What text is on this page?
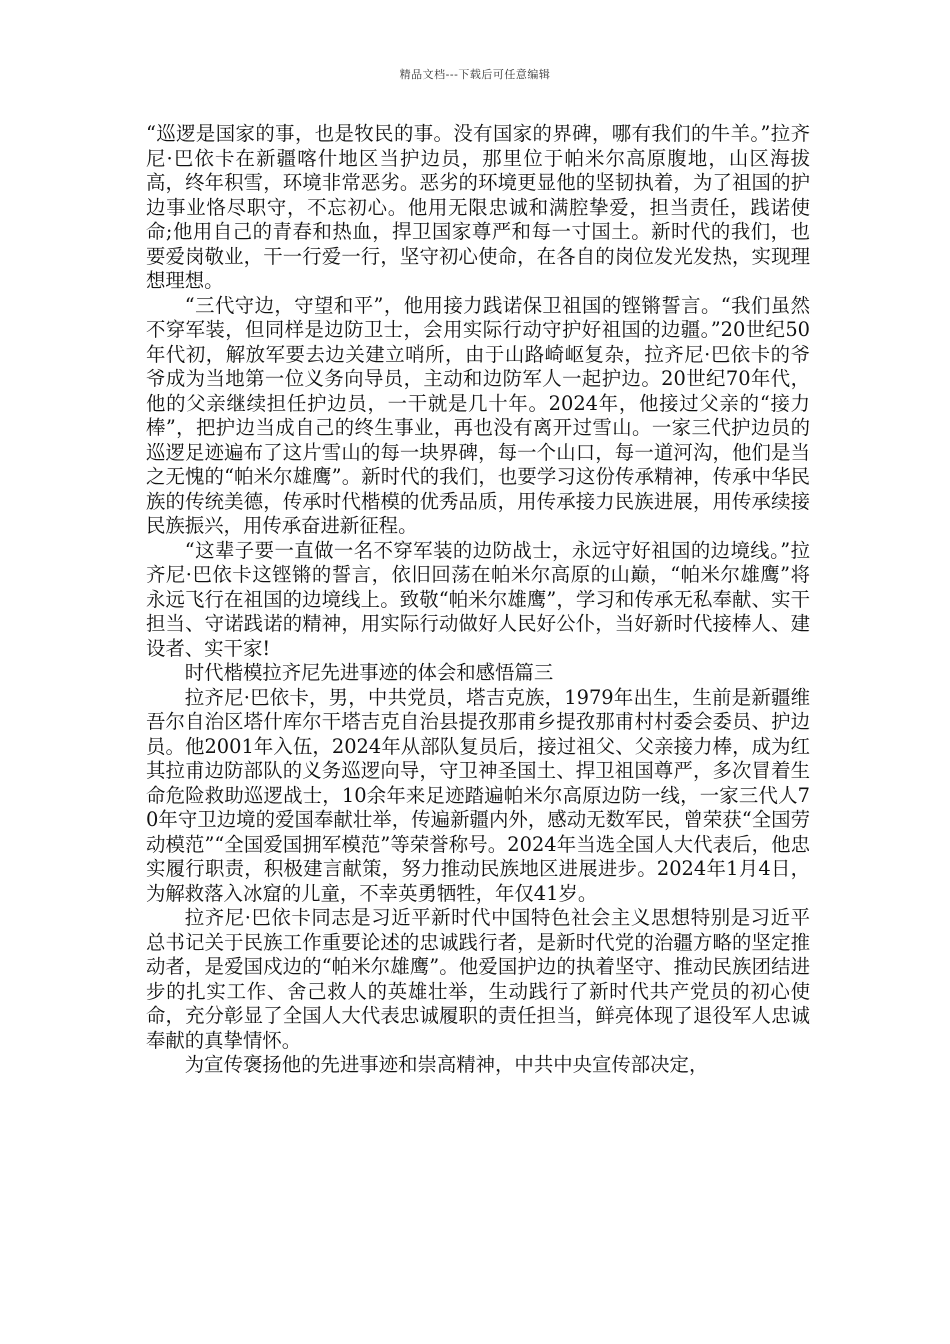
精品文档---下载后可任意编辑

“巡逻是国家的事，也是牧民的事。没有国家的界碑，哪有我们的牛羊。”拉齐尼·巴依卡在新疆喀什地区当护边员，那里位于帕米尔高原腹地，山区海拔高，终年积雪，环境非常恶劣。恶劣的环境更显他的坚韧执着，为了祖国的护边事业恪尽职守，不忘初心。他用无限忠诚和满腔挚爱，担当责任，践诺使命;他用自己的青春和热血，捍卫国家尊严和每一寸国土。新时代的我们，也要爱岗敬业，干一行爱一行，坚守初心使命，在各自的岗位发光发热，实现理想理想。

“三代守边，守望和平”，他用接力践诺保卫祖国的铿锵誓言。“我们虽然不穿军装，但同样是边防卫士，会用实际行动守护好祖国的边疆。”20世纪50年代初，解放军要去边关建立哨所，由于山路崎岖复杂，拉齐尼·巴依卡的爷爷成为当地第一位义务向导员，主动和边防军人一起护边。20世纪70年代，他的父亲继续担任护边员，一干就是几十年。2024年，他接过父亲的“接力棒”，把护边当成自己的终生事业，再也没有离开过雪山。一家三代护边员的巡逻足迹遍布了这片雪山的每一块界碑，每一个山口，每一道河沟，他们是当之无愧的“帕米尔雄鹰”。新时代的我们，也要学习这份传承精神，传承中华民族的传统美德，传承时代楷模的优秀品质，用传承接力民族进展，用传承续接民族振兴，用传承奋进新征程。

“这辈子要一直做一名不穿军装的边防战士，永远守好祖国的边境线。”拉齐尼·巴依卡这铿锵的誓言，依旧回荡在帕米尔高原的山巅，“帕米尔雄鹰”将永远飞行在祖国的边境线上。致敬“帕米尔雄鹰”，学习和传承无私奉献、实干担当、守诺践诺的精神，用实际行动做好人民好公仆，当好新时代接棒人、建设者、实干家!

时代楷模拉齐尼先进事迹的体会和感悟篇三

拉齐尼·巴依卡，男，中共党员，塔吉克族，1979年出生，生前是新疆维吾尔自治区塔什库尔干塔吉克自治县提孜那甫乡提孜那甫村村委会委员、护边员。他2001年入伍，2024年从部队复员后，接过祖父、父亲接力棒，成为红其拉甫边防部队的义务巡逻向导，守卫神圣国土、捍卫祖国尊严，多次冒着生命危险救助巡逻战士，10余年来足迹踏遍帕米尔高原边防一线，一家三代人70年守卫边境的爱国奉献壮举，传遍新疆内外，感动无数军民，曾荣获“全国劳动模范”“全国爱国拥军模范”等荣誉称号。2024年当选全国人大代表后，他忠实履行职责，积极建言献策，努力推动民族地区进展进步。2024年1月4日，为解救落入冰窟的儿童，不幸英勇牺牲，年仅41岁。

拉齐尼·巴依卡同志是习近平新时代中国特色社会主义思想特别是习近平总书记关于民族工作重要论述的忠诚践行者，是新时代党的治疆方略的坚定推动者，是爱国戍边的“帕米尔雄鹰”。他爱国护边的执着坚守、推动民族团结进步的扎实工作、舍己救人的英雄壮举，生动践行了新时代共产党员的初心使命，充分彰显了全国人大代表忠诚履职的责任担当，鲜亮体现了退役军人忠诚奉献的真挚情怀。

为宣传褒扬他的先进事迹和崇高精神，中共中央宣传部决定，
